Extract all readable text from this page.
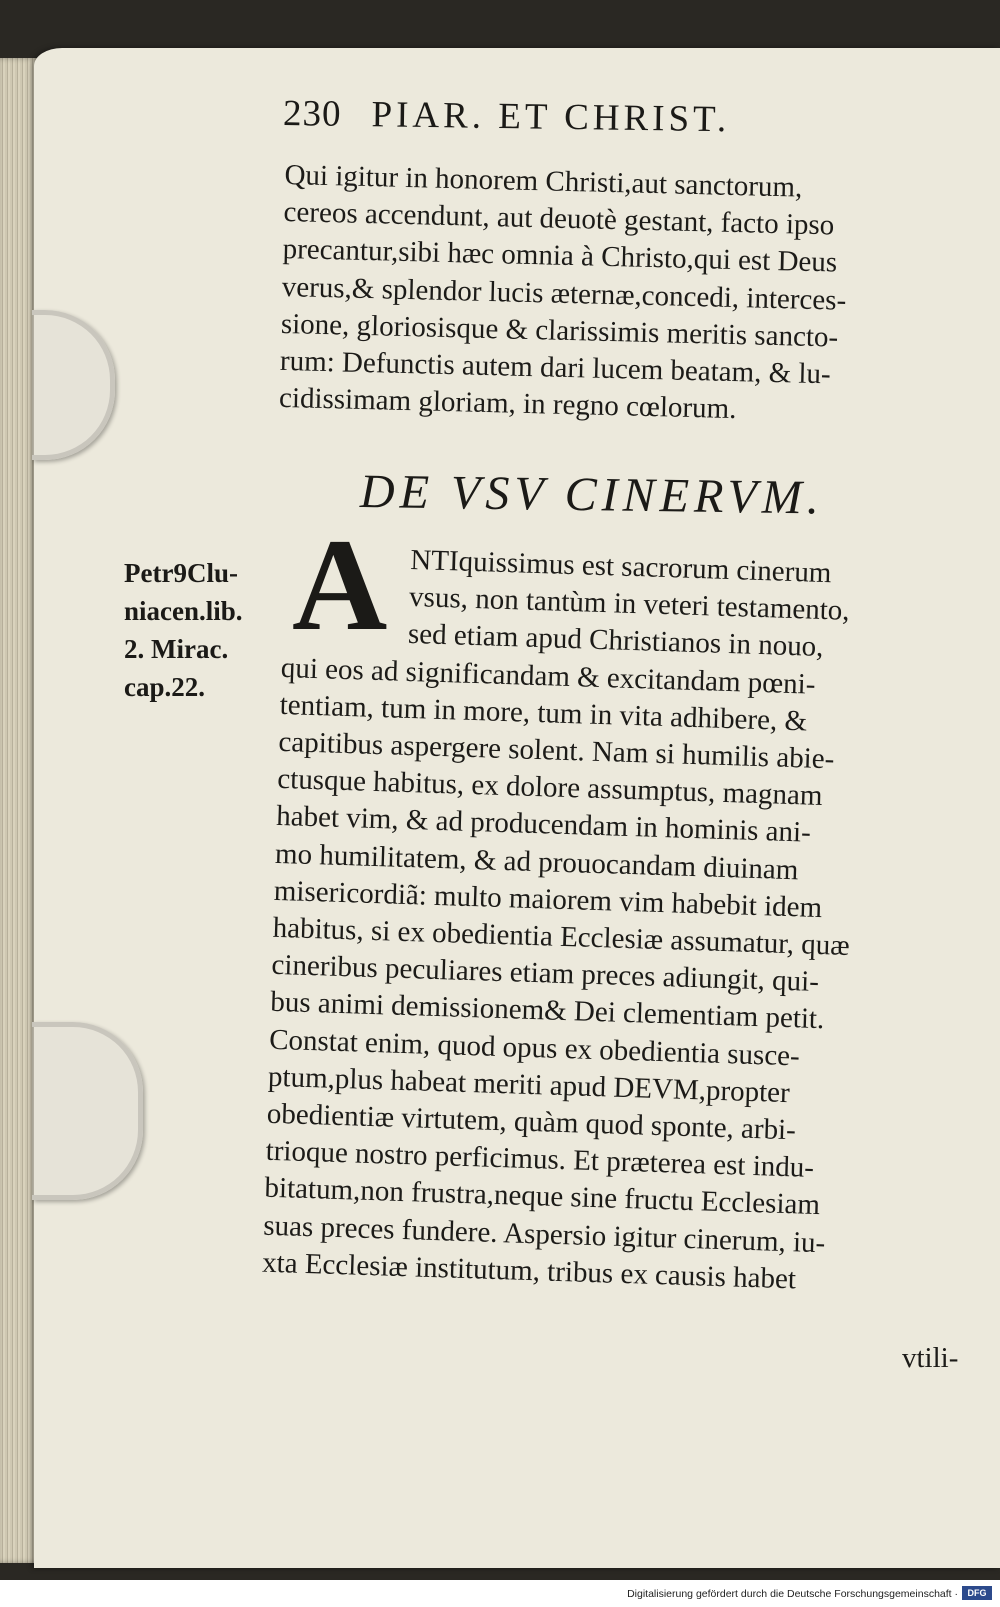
230 PIAR. ET CHRIST.
Qui igitur in honorem Christi,aut sanctorum,
cereos accendunt, aut deuotè gestant, facto ipso
precantur,sibi hæc omnia à Christo,qui est Deus
verus,& splendor lucis æternæ,concedi, interces-
sione, gloriosisque & clarissimis meritis sancto-
rum: Defunctis autem dari lucem beatam, & lu-
cidissimam gloriam, in regno cœlorum.
DE VSV CINERVM.
Petr9Clu-
niacen.lib.
2. Mirac.
cap.22.
A NTIquissimus est sacrorum cinerum
vsus, non tantùm in veteri testamento,
sed etiam apud Christianos in nouo,
qui eos ad significandam & excitandam pœni-
tentiam, tum in more, tum in vita adhibere, &
capitibus aspergere solent. Nam si humilis abie-
ctusque habitus, ex dolore assumptus, magnam
habet vim, & ad producendam in hominis ani-
mo humilitatem, & ad prouocandam diuinam
misericordiã: multo maiorem vim habebit idem
habitus, si ex obedientia Ecclesiæ assumatur, quæ
cineribus peculiares etiam preces adiungit, qui-
bus animi demissionem& Dei clementiam petit.
Constat enim, quod opus ex obedientia susce-
ptum,plus habeat meriti apud DEVM,propter
obedientiæ virtutem, quàm quod sponte, arbi-
trioque nostro perficimus. Et præterea est indu-
bitatum,non frustra,neque sine fructu Ecclesiam
suas preces fundere. Aspersio igitur cinerum, iu-
xta Ecclesiæ institutum, tribus ex causis habet
vtili-
Digitalisierung gefördert durch die Deutsche Forschungsgemeinschaft ·	DFG
